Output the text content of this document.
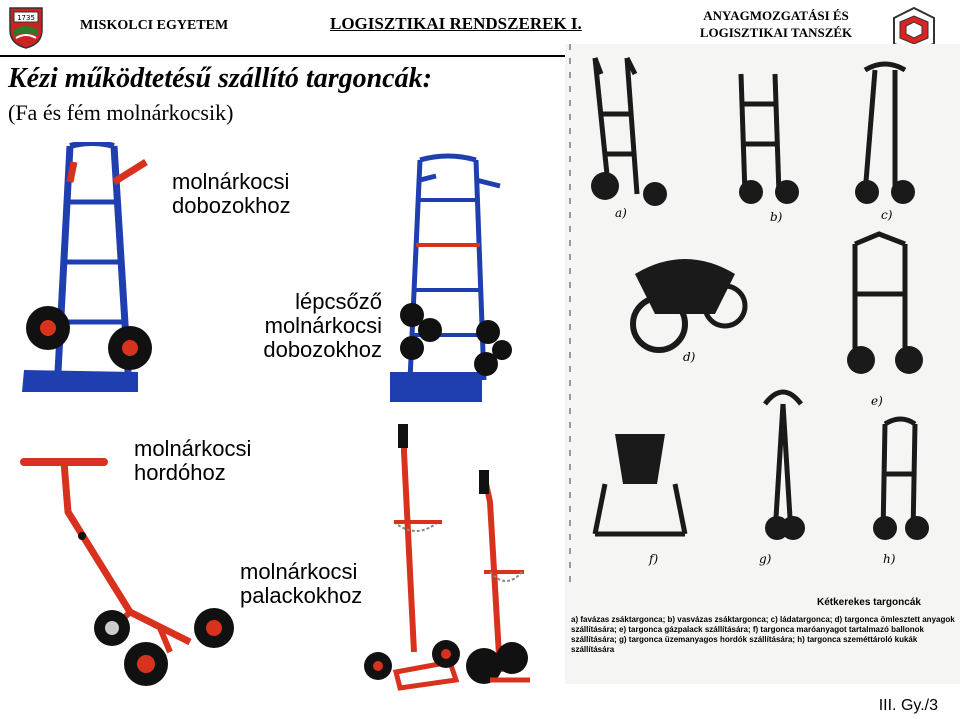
1735	MISKOLCI EGYETEM	LOGISZTIKAI RENDSZEREK I.	ANYAGMOZGATÁSI ÉS
LOGISZTIKAI TANSZÉK
Kézi működtetésű szállító targoncák:
(Fa és fém molnárkocsik)
molnárkocsi
dobozokhoz
lépcsőző
molnárkocsi
dobozokhoz
molnárkocsi
hordóhoz
molnárkocsi
palackokhoz
a)	b)	c)
d)
e)
f)	g)	h)
Kétkerekes targoncák
a) favázas zsáktargonca; b) vasvázas zsáktargonca; c) ládatargonca; d) targonca ömlesztett anyagok szállítására; e) targonca gázpalack szállítására; f) targonca maróanyagot tartalmazó ballonok szállítására; g) targonca üzemanyagos hordók szállítására; h) targonca szeméttároló kukák szállítására
III. Gy./3
